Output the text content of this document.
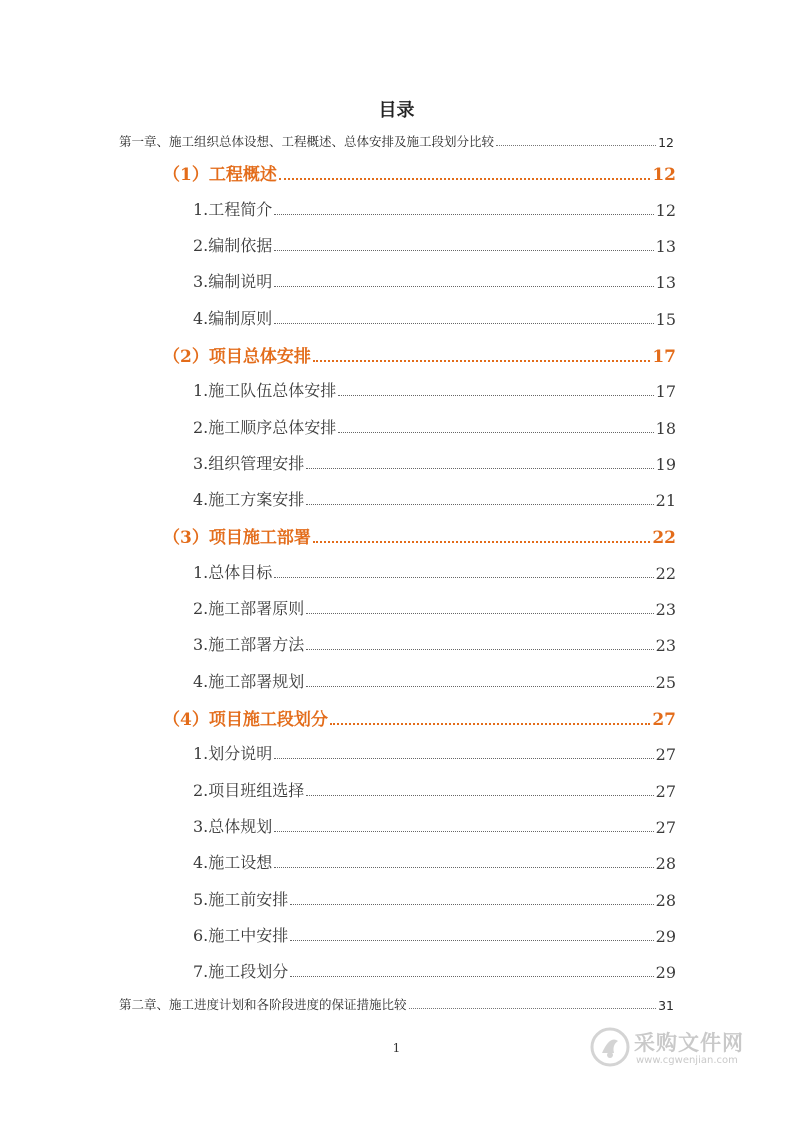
目录
第一章、施工组织总体设想、工程概述、总体安排及施工段划分比较	12
（1）工程概述	12
1.工程简介	12
2.编制依据	13
3.编制说明	13
4.编制原则	15
（2）项目总体安排	17
1.施工队伍总体安排	17
2.施工顺序总体安排	18
3.组织管理安排	19
4.施工方案安排	21
（3）项目施工部署	22
1.总体目标	22
2.施工部署原则	23
3.施工部署方法	23
4.施工部署规划	25
（4）项目施工段划分	27
1.划分说明	27
2.项目班组选择	27
3.总体规划	27
4.施工设想	28
5.施工前安排	28
6.施工中安排	29
7.施工段划分	29
第二章、施工进度计划和各阶段进度的保证措施比较	31
1	采购文件网
www.cgwenjian.com
